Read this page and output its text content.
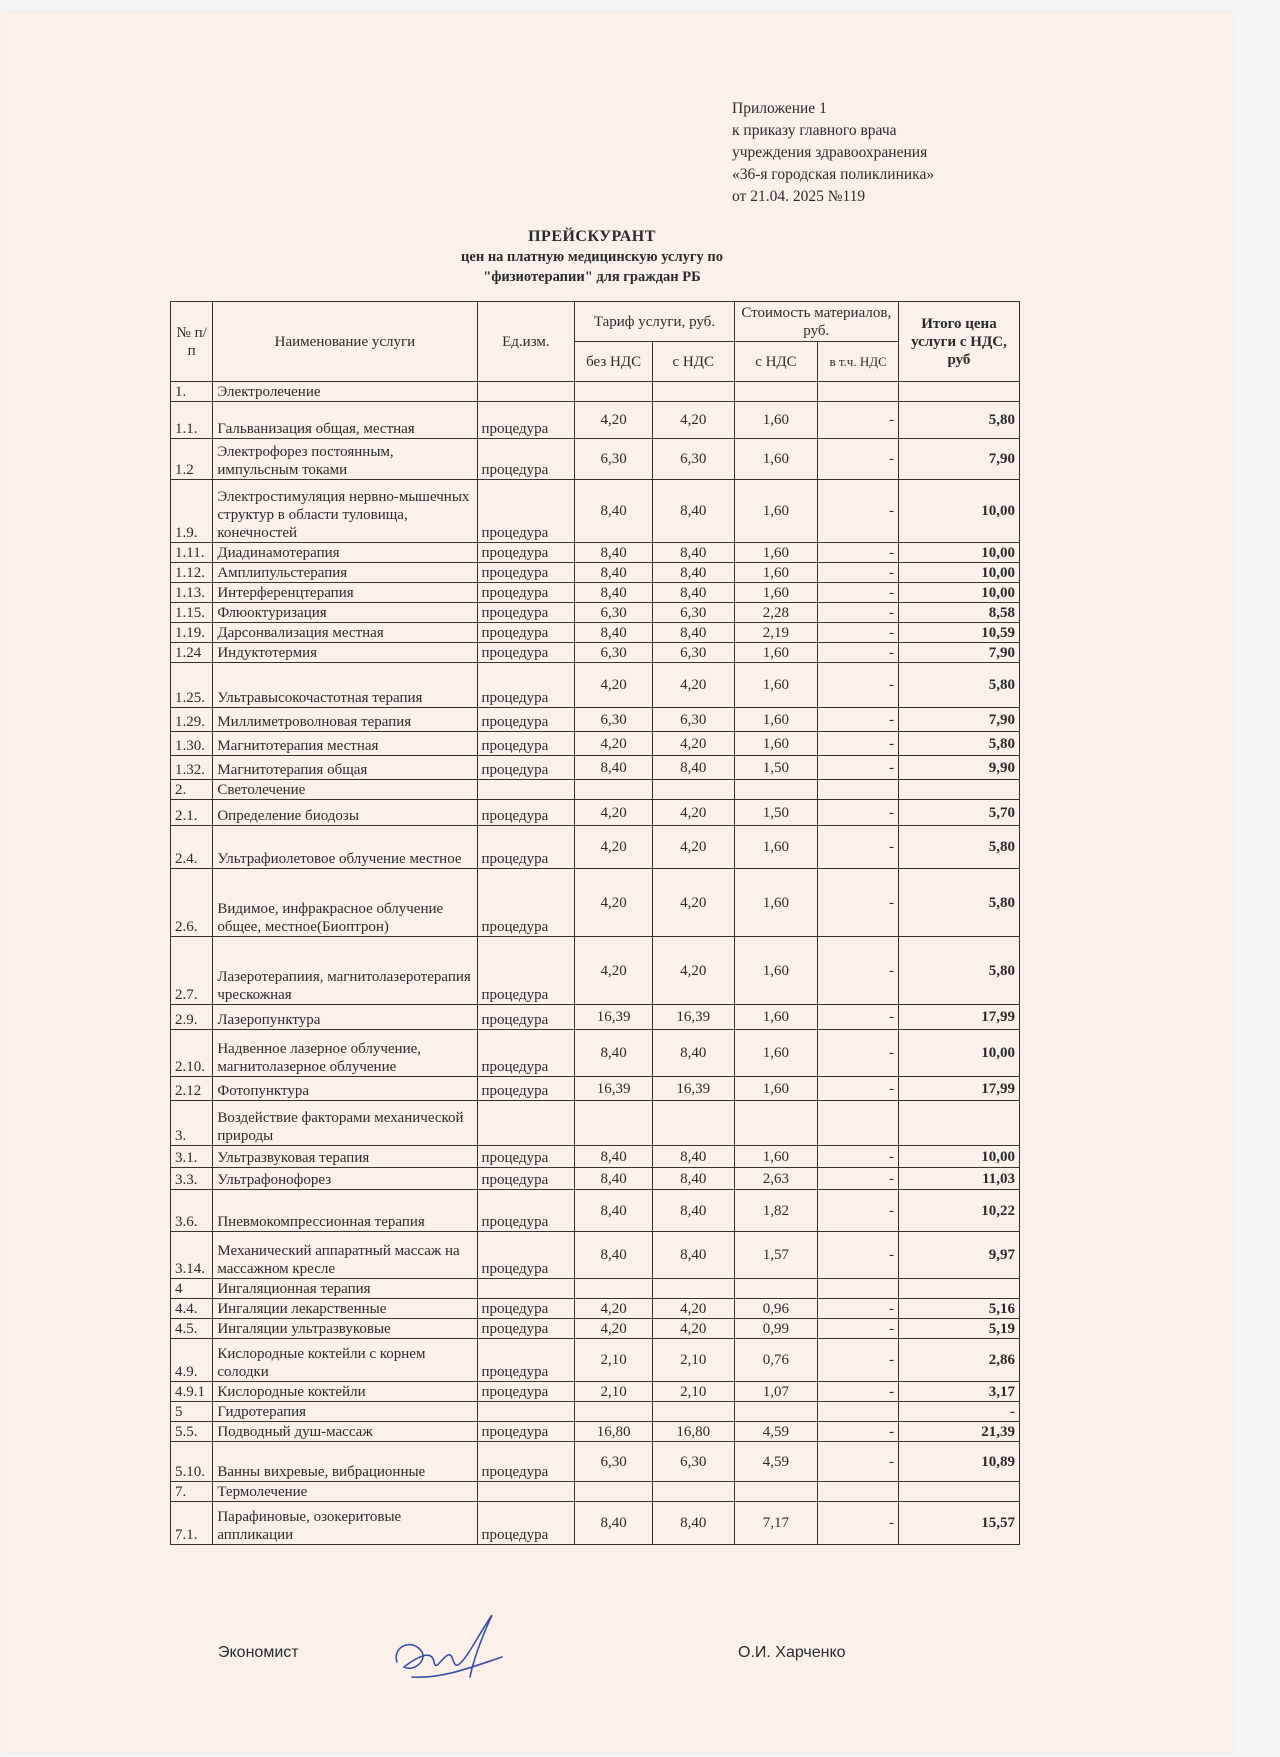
Приложение 1
к приказу главного врача
учреждения здравоохранения
«36-я городская поликлиника»
от 21.04. 2025 №119
ПРЕЙСКУРАНТ
цен на платную медицинскую услугу по
"физиотерапии" для граждан РБ
№ п/п	Наименование услуги	Ед.изм.	Тариф услуги, руб.		Стоимость материалов, руб.		Итого цена услуги с НДС, руб
			без НДС	с НДС	с НДС	в т.ч. НДС	
1.	Электролечение						
1.1.	Гальванизация общая, местная	процедура	4,20	4,20	1,60	-	5,80
1.2	Электрофорез постоянным, импульсным токами	процедура	6,30	6,30	1,60	-	7,90
1.9.	Электростимуляция нервно-мышечных структур в области туловища, конечностей	процедура	8,40	8,40	1,60	-	10,00
1.11.	Диадинамотерапия	процедура	8,40	8,40	1,60	-	10,00
1.12.	Амплипульстерапия	процедура	8,40	8,40	1,60	-	10,00
1.13.	Интерференцтерапия	процедура	8,40	8,40	1,60	-	10,00
1.15.	Флюоктуризация	процедура	6,30	6,30	2,28	-	8,58
1.19.	Дарсонвализация местная	процедура	8,40	8,40	2,19	-	10,59
1.24	Индуктотермия	процедура	6,30	6,30	1,60	-	7,90
1.25.	Ультравысокочастотная терапия	процедура	4,20	4,20	1,60	-	5,80
1.29.	Миллиметроволновая терапия	процедура	6,30	6,30	1,60	-	7,90
1.30.	Магнитотерапия местная	процедура	4,20	4,20	1,60	-	5,80
1.32.	Магнитотерапия общая	процедура	8,40	8,40	1,50	-	9,90
2.	Светолечение						
2.1.	Определение биодозы	процедура	4,20	4,20	1,50	-	5,70
2.4.	Ультрафиолетовое облучение местное	процедура	4,20	4,20	1,60	-	5,80
2.6.	Видимое, инфракрасное облучение общее, местное(Биоптрон)	процедура	4,20	4,20	1,60	-	5,80
2.7.	Лазеротерапиия, магнитолазеротерапия чрескожная	процедура	4,20	4,20	1,60	-	5,80
2.9.	Лазеропунктура	процедура	16,39	16,39	1,60	-	17,99
2.10.	Надвенное лазерное облучение, магнитолазерное облучение	процедура	8,40	8,40	1,60	-	10,00
2.12	Фотопунктура	процедура	16,39	16,39	1,60	-	17,99
3.	Воздействие факторами механической природы						
3.1.	Ультразвуковая терапия	процедура	8,40	8,40	1,60	-	10,00
3.3.	Ультрафонофорез	процедура	8,40	8,40	2,63	-	11,03
3.6.	Пневмокомпрессионная терапия	процедура	8,40	8,40	1,82	-	10,22
3.14.	Механический аппаратный массаж на массажном кресле	процедура	8,40	8,40	1,57	-	9,97
4	Ингаляционная терапия						
4.4.	Ингаляции лекарственные	процедура	4,20	4,20	0,96	-	5,16
4.5.	Ингаляции ультразвуковые	процедура	4,20	4,20	0,99	-	5,19
4.9.	Кислородные коктейли с корнем солодки	процедура	2,10	2,10	0,76	-	2,86
4.9.1	Кислородные коктейли	процедура	2,10	2,10	1,07	-	3,17
5	Гидротерапия						-
5.5.	Подводный душ-массаж	процедура	16,80	16,80	4,59	-	21,39
5.10.	Ванны вихревые, вибрационные	процедура	6,30	6,30	4,59	-	10,89
7.	Термолечение						
7.1.	Парафиновые, озокеритовые аппликации	процедура	8,40	8,40	7,17	-	15,57
Экономист	О.И. Харченко
